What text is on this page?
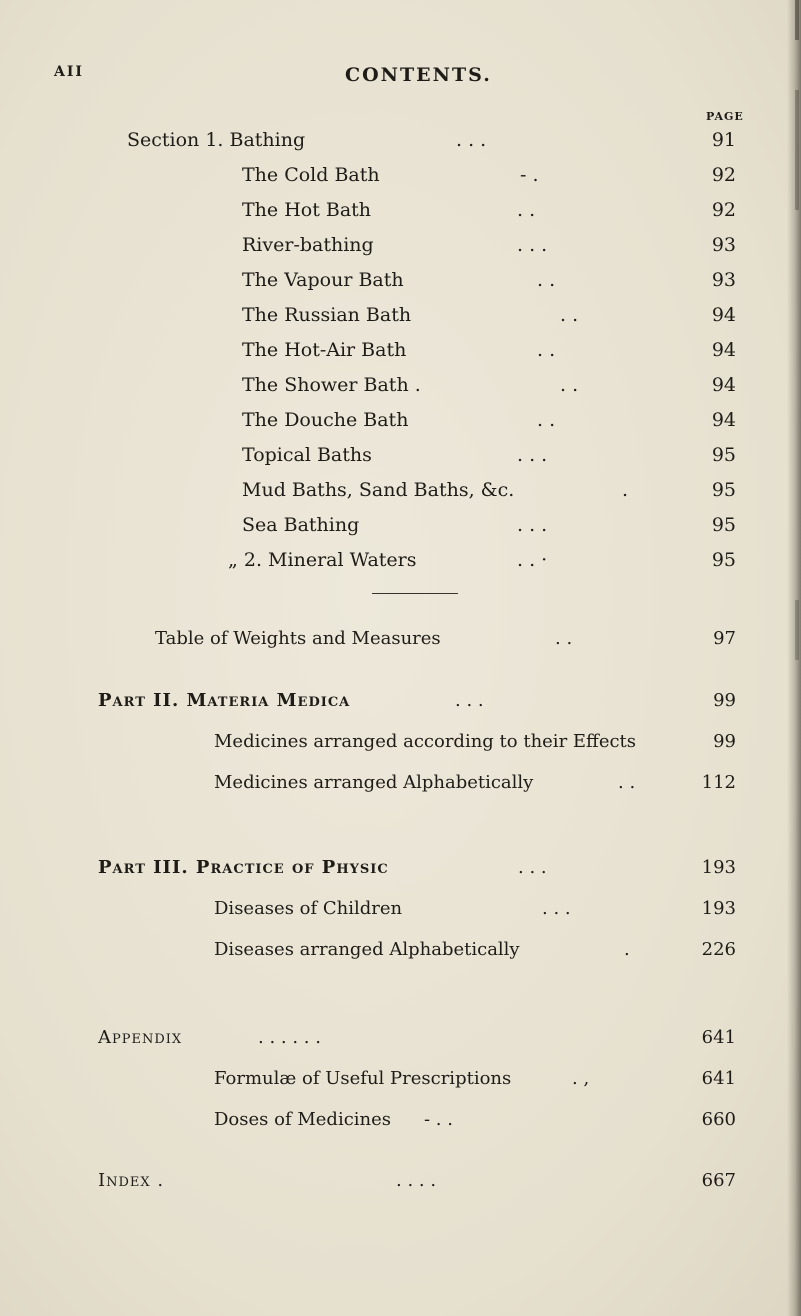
AII	CONTENTS.
PAGE
Section 1. Bathing	. . .	91
The Cold Bath	- .	92
The Hot Bath	. .	92
River-bathing	. . .	93
The Vapour Bath	. .	93
The Russian Bath	. .	94
The Hot-Air Bath	. .	94
The Shower Bath .	. .	94
The Douche Bath	. .	94
Topical Baths	. . .	95
Mud Baths, Sand Baths, &c.	.	95
Sea Bathing	. . .	95
„ 2. Mineral Waters	. . ·	95
Table of Weights and Measures	. .	97
Part II. Materia Medica	. . .	99
Medicines arranged according to their Effects	99
Medicines arranged Alphabetically	. .	112
Part III. Practice of Physic	. . .	193
Diseases of Children	. . .	193
Diseases arranged Alphabetically	.	226
Appendix	. . . . . .	641
Formulæ of Useful Prescriptions	. ,	641
Doses of Medicines - . .	660
Index .	. . . .	667
